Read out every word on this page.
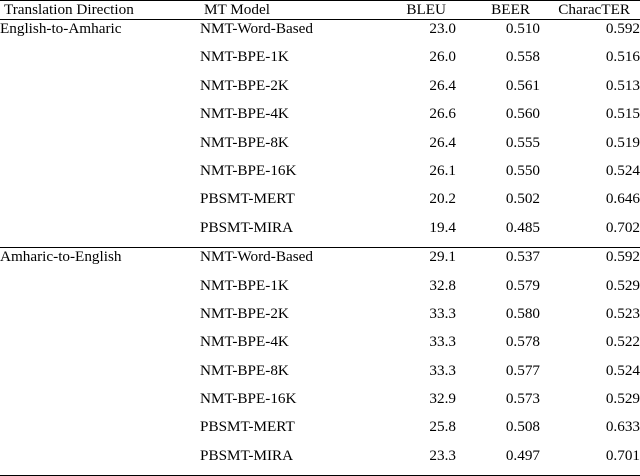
Translation Direction	MT Model	BLEU	BEER	CharacTER
English-to-Amharic	NMT-Word-Based	23.0	0.510	0.592
	NMT-BPE-1K	26.0	0.558	0.516
	NMT-BPE-2K	26.4	0.561	0.513
	NMT-BPE-4K	26.6	0.560	0.515
	NMT-BPE-8K	26.4	0.555	0.519
	NMT-BPE-16K	26.1	0.550	0.524
	PBSMT-MERT	20.2	0.502	0.646
	PBSMT-MIRA	19.4	0.485	0.702
Amharic-to-English	NMT-Word-Based	29.1	0.537	0.592
	NMT-BPE-1K	32.8	0.579	0.529
	NMT-BPE-2K	33.3	0.580	0.523
	NMT-BPE-4K	33.3	0.578	0.522
	NMT-BPE-8K	33.3	0.577	0.524
	NMT-BPE-16K	32.9	0.573	0.529
	PBSMT-MERT	25.8	0.508	0.633
	PBSMT-MIRA	23.3	0.497	0.701
